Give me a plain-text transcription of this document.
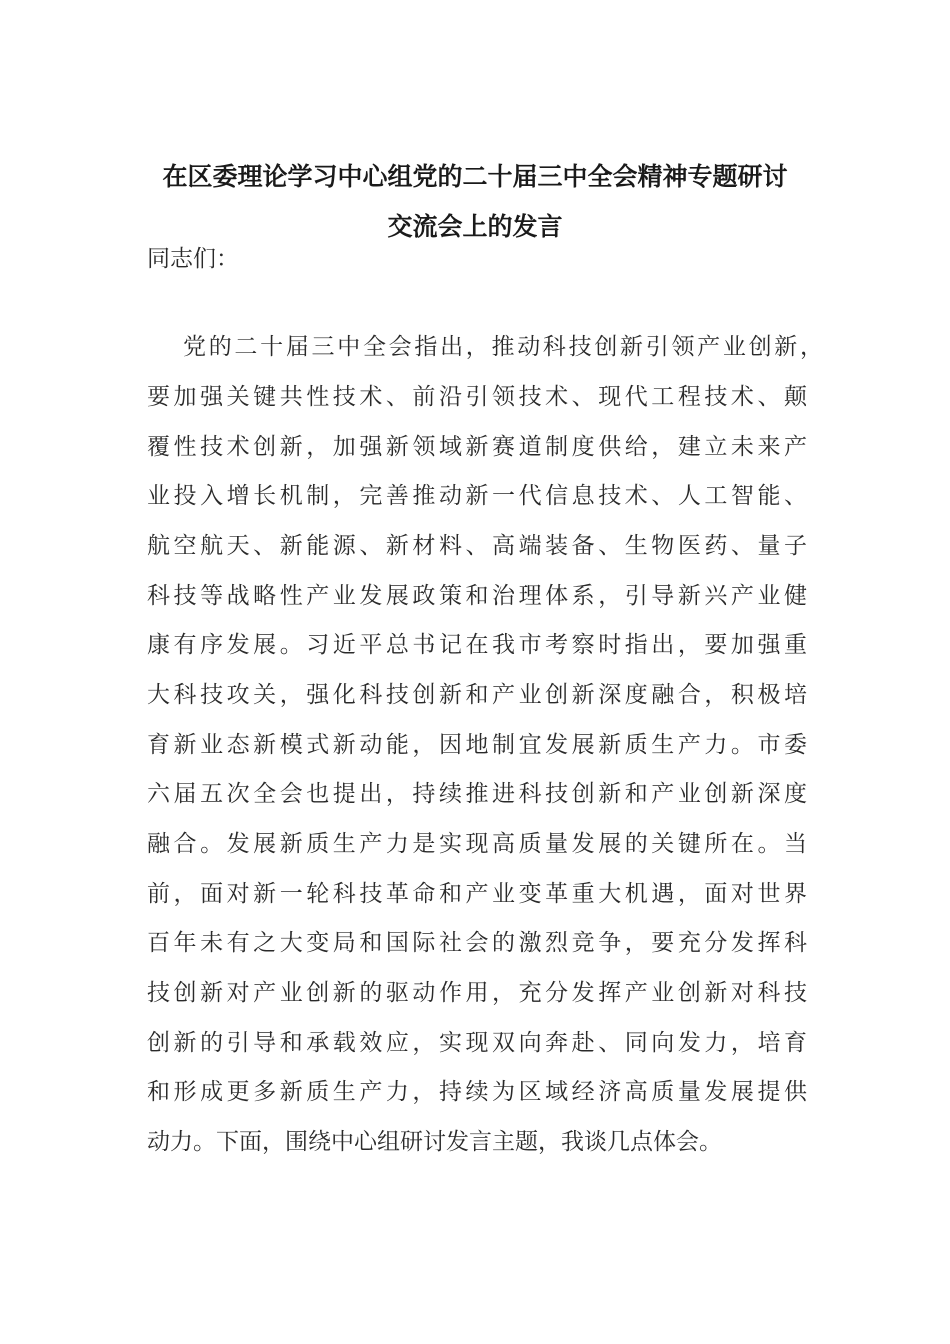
在区委理论学习中心组党的二十届三中全会精神专题研讨
交流会上的发言
同志们：
党的二十届三中全会指出，推动科技创新引领产业创新，
要加强关键共性技术、前沿引领技术、现代工程技术、颠
覆性技术创新，加强新领域新赛道制度供给，建立未来产
业投入增长机制，完善推动新一代信息技术、人工智能、
航空航天、新能源、新材料、高端装备、生物医药、量子
科技等战略性产业发展政策和治理体系，引导新兴产业健
康有序发展。习近平总书记在我市考察时指出，要加强重
大科技攻关，强化科技创新和产业创新深度融合，积极培
育新业态新模式新动能，因地制宜发展新质生产力。市委
六届五次全会也提出，持续推进科技创新和产业创新深度
融合。发展新质生产力是实现高质量发展的关键所在。当
前，面对新一轮科技革命和产业变革重大机遇，面对世界
百年未有之大变局和国际社会的激烈竞争，要充分发挥科
技创新对产业创新的驱动作用，充分发挥产业创新对科技
创新的引导和承载效应，实现双向奔赴、同向发力，培育
和形成更多新质生产力，持续为区域经济高质量发展提供
动力。下面，围绕中心组研讨发言主题，我谈几点体会。
